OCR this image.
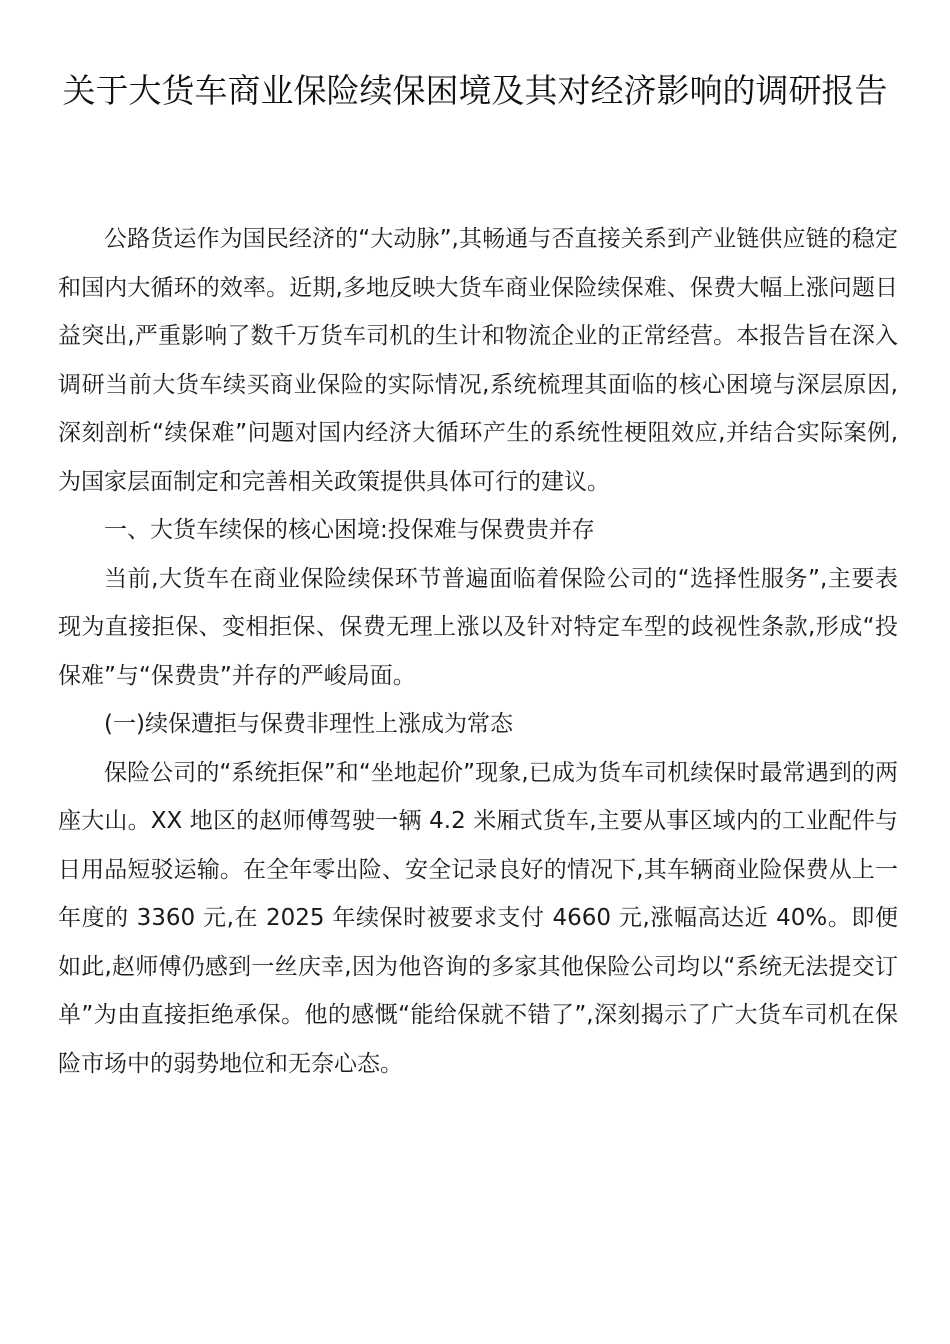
关于大货车商业保险续保困境及其对经济影响的调研报告

公路货运作为国民经济的“大动脉”,其畅通与否直接关系到产业链供应链的稳定和国内大循环的效率。近期,多地反映大货车商业保险续保难、保费大幅上涨问题日益突出,严重影响了数千万货车司机的生计和物流企业的正常经营。本报告旨在深入调研当前大货车续买商业保险的实际情况,系统梳理其面临的核心困境与深层原因,深刻剖析“续保难”问题对国内经济大循环产生的系统性梗阻效应,并结合实际案例,为国家层面制定和完善相关政策提供具体可行的建议。

一、大货车续保的核心困境:投保难与保费贵并存

当前,大货车在商业保险续保环节普遍面临着保险公司的“选择性服务”,主要表现为直接拒保、变相拒保、保费无理上涨以及针对特定车型的歧视性条款,形成“投保难”与“保费贵”并存的严峻局面。

(一)续保遭拒与保费非理性上涨成为常态

保险公司的“系统拒保”和“坐地起价”现象,已成为货车司机续保时最常遇到的两座大山。XX 地区的赵师傅驾驶一辆 4.2 米厢式货车,主要从事区域内的工业配件与日用品短驳运输。在全年零出险、安全记录良好的情况下,其车辆商业险保费从上一年度的 3360 元,在 2025 年续保时被要求支付 4660 元,涨幅高达近 40%。即便如此,赵师傅仍感到一丝庆幸,因为他咨询的多家其他保险公司均以“系统无法提交订单”为由直接拒绝承保。他的感慨“能给保就不错了”,深刻揭示了广大货车司机在保险市场中的弱势地位和无奈心态。
